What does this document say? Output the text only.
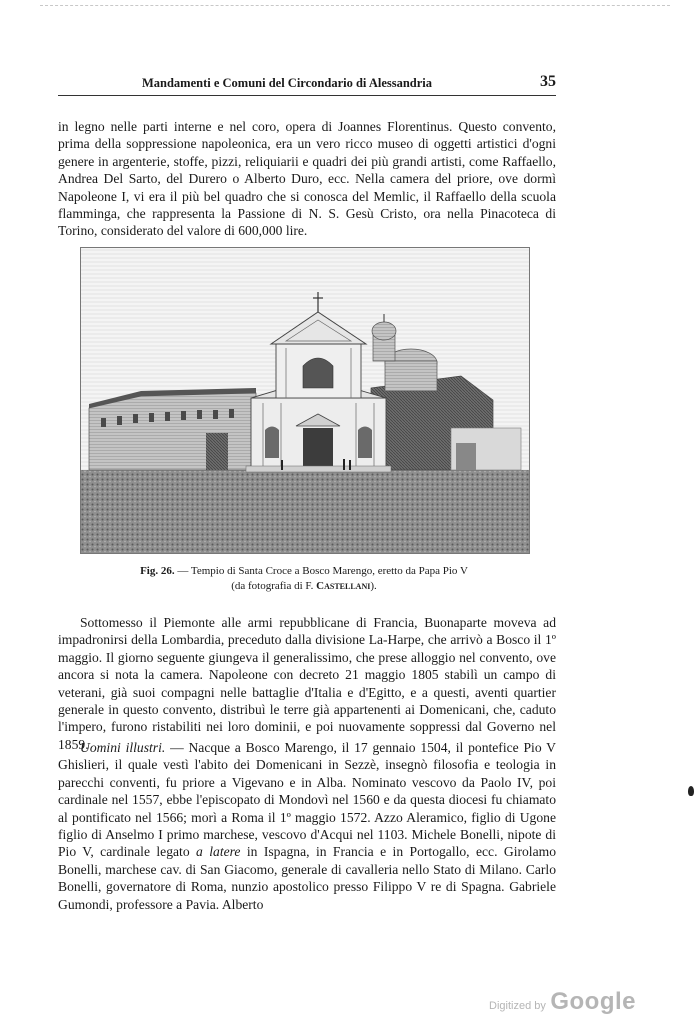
Mandamenti e Comuni del Circondario di Alessandria	35

in legno nelle parti interne e nel coro, opera di Joannes Florentinus. Questo convento, prima della soppressione napoleonica, era un vero ricco museo di oggetti artistici d'ogni genere in argenterie, stoffe, pizzi, reliquiarii e quadri dei più grandi artisti, come Raffaello, Andrea Del Sarto, del Durero o Alberto Duro, ecc. Nella camera del priore, ove dormì Napoleone I, vi era il più bel quadro che si conosca del Memlic, il Raffaello della scuola flamminga, che rappresenta la Passione di N. S. Gesù Cristo, ora nella Pinacoteca di Torino, considerato del valore di 600,000 lire.

Fig. 26. — Tempio di Santa Croce a Bosco Marengo, eretto da Papa Pio V
(da fotografia di F. Castellani).

Sottomesso il Piemonte alle armi repubblicane di Francia, Buonaparte moveva ad impadronirsi della Lombardia, preceduto dalla divisione La-Harpe, che arrivò a Bosco il 1º maggio. Il giorno seguente giungeva il generalissimo, che prese alloggio nel convento, ove ancora si nota la camera. Napoleone con decreto 21 maggio 1805 stabilì un campo di veterani, già suoi compagni nelle battaglie d'Italia e d'Egitto, e a questi, aventi quartier generale in questo convento, distribuì le terre già appartenenti ai Domenicani, che, caduto l'impero, furono ristabiliti nei loro dominii, e poi nuovamente soppressi dal Governo nel 1859.

Uomini illustri. — Nacque a Bosco Marengo, il 17 gennaio 1504, il pontefice Pio V Ghislieri, il quale vestì l'abito dei Domenicani in Sezzè, insegnò filosofia e teologia in parecchi conventi, fu priore a Vigevano e in Alba. Nominato vescovo da Paolo IV, poi cardinale nel 1557, ebbe l'episcopato di Mondovì nel 1560 e da questa diocesi fu chiamato al pontificato nel 1566; morì a Roma il 1º maggio 1572. Azzo Aleramico, figlio di Ugone figlio di Anselmo I primo marchese, vescovo d'Acqui nel 1103. Michele Bonelli, nipote di Pio V, cardinale legato a latere in Ispagna, in Francia e in Portogallo, ecc. Girolamo Bonelli, marchese cav. di San Giacomo, generale di cavalleria nello Stato di Milano. Carlo Bonelli, governatore di Roma, nunzio apostolico presso Filippo V re di Spagna. Gabriele Gumondi, professore a Pavia. Alberto

Digitized by Google
